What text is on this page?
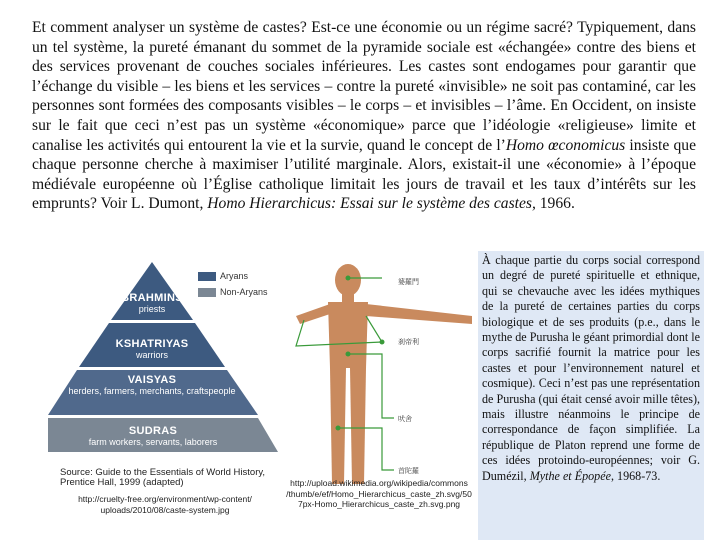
Et comment analyser un système de castes? Est-ce une économie ou un régime sacré? Typiquement, dans un tel système, la pureté émanant du sommet de la pyramide sociale est «échangée» contre des biens et des services provenant de couches sociales inférieures. Les castes sont endogames pour garantir que l’échange du visible – les biens et les services – contre la pureté «invisible» ne soit pas contaminé, car les personnes sont formées des composants visibles – le corps – et invisibles – l’âme. En Occident, on insiste sur le fait que ceci n’est pas un système «économique» parce que l’idéologie «religieuse» limite et canalise les activités qui entourent la vie et la survie, quand le concept de l’Homo œconomicus insiste que chaque personne cherche à maximiser l’utilité marginale. Alors, existait-il une «économie» à l’époque médiévale européenne où l’Église catholique limitait les jours de travail et les taux d’intérêts sur les emprunts? Voir L. Dumont, Homo Hierarchicus: Essai sur le système des castes, 1966.
Aryans
Non-Aryans
BRAHMINS
priests
KSHATRIYAS
warriors
VAISYAS
herders, farmers, merchants, craftspeople
SUDRAS
farm workers, servants, laborers
Source: Guide to the Essentials of World History, Prentice Hall, 1999 (adapted)
http://cruelty-free.org/environment/wp-content/
uploads/2010/08/caste-system.jpg
婆羅門
刹帝利
吠舍
首陀羅
http://upload.wikimedia.org/wikipedia/commons
/thumb/e/ef/Homo_Hierarchicus_caste_zh.svg/50
7px-Homo_Hierarchicus_caste_zh.svg.png
À chaque partie du corps social correspond un degré de pureté spirituelle et ethnique, qui se chevauche avec les idées mythiques de la pureté de certaines parties du corps biologique et de ses produits (p.e., dans le mythe de Purusha le géant primordial dont le corps sacrifié fournit la matrice pour les castes et pour l’environnement naturel et cosmique). Ceci n’est pas une représentation de Purusha (qui était censé avoir mille têtes), mais illustre néanmoins le principe de correspondance de façon simplifiée. La république de Platon reprend une forme de ces idées protoindo-européennes; voir G. Dumézil, Mythe et Épopée, 1968-73.
